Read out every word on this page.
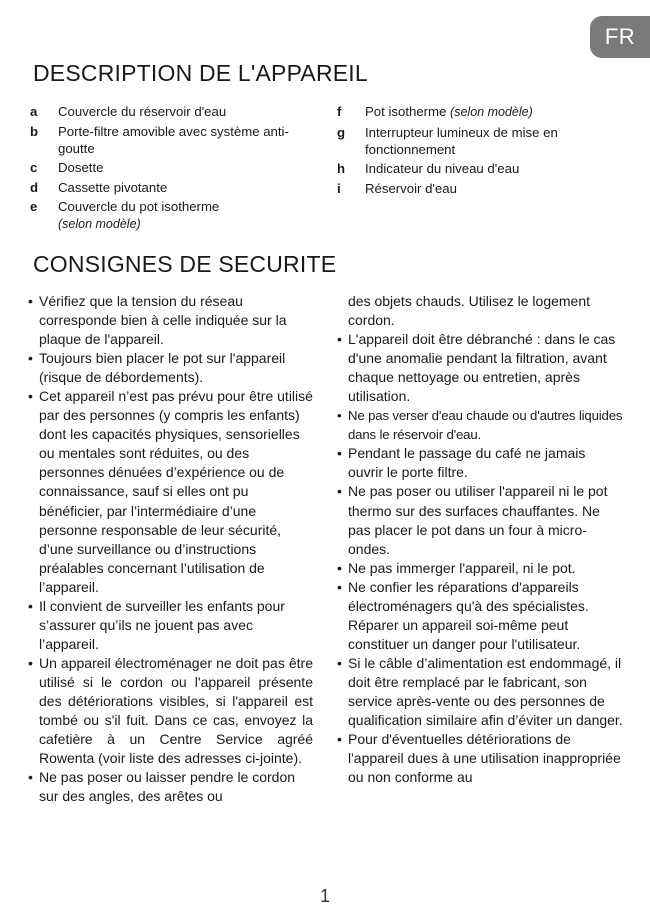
FR
DESCRIPTION DE L'APPAREIL
a	Couvercle du réservoir d'eau
b	Porte-filtre amovible avec système anti-goutte
c	Dosette
d	Cassette pivotante
e	Couvercle du pot isotherme
(selon modèle)
f	Pot isotherme (selon modèle)
g	Interrupteur lumineux de mise en fonctionnement
h	Indicateur du niveau d'eau
i	Réservoir d'eau
CONSIGNES DE SECURITE
• Vérifiez que la tension du réseau corresponde bien à celle indiquée sur la plaque de l'appareil.
• Toujours bien placer le pot sur l'appareil (risque de débordements).
• Cet appareil n’est pas prévu pour être utilisé par des personnes (y compris les enfants) dont les capacités physiques, sensorielles ou mentales sont réduites, ou des personnes dénuées d’expérience ou de connaissance, sauf si elles ont pu bénéficier, par l’intermédiaire d’une personne responsable de leur sécurité, d’une surveillance ou d’instructions préalables concernant l’utilisation de l’appareil.
• Il convient de surveiller les enfants pour s’assurer qu’ils ne jouent pas avec l’appareil.
• Un appareil électroménager ne doit pas être utilisé si le cordon ou l'appareil présente des détériorations visibles, si l'appareil est tombé ou s'il fuit. Dans ce cas, envoyez la cafetière à un Centre Service agréé Rowenta (voir liste des adresses ci-jointe).
• Ne pas poser ou laisser pendre le cordon sur des angles, des arêtes ou
des objets chauds. Utilisez le logement cordon.
• L'appareil doit être débranché : dans le cas d'une anomalie pendant la filtration, avant chaque nettoyage ou entretien, après utilisation.
• Ne pas verser d'eau chaude ou d'autres liquides dans le réservoir d'eau.
• Pendant le passage du café ne jamais ouvrir le porte filtre.
• Ne pas poser ou utiliser l'appareil ni le pot thermo sur des surfaces chauffantes. Ne pas placer le pot dans un four à micro-ondes.
• Ne pas immerger l'appareil, ni le pot.
• Ne confier les réparations d'appareils électroménagers qu'à des spécialistes. Réparer un appareil soi-même peut constituer un danger pour l'utilisateur.
• Si le câble d’alimentation est endommagé, il doit être remplacé par le fabricant, son service après-vente ou des personnes de qualification similaire afin d’éviter un danger.
• Pour d'éventuelles détériorations de l'appareil dues à une utilisation inappropriée ou non conforme au
1
